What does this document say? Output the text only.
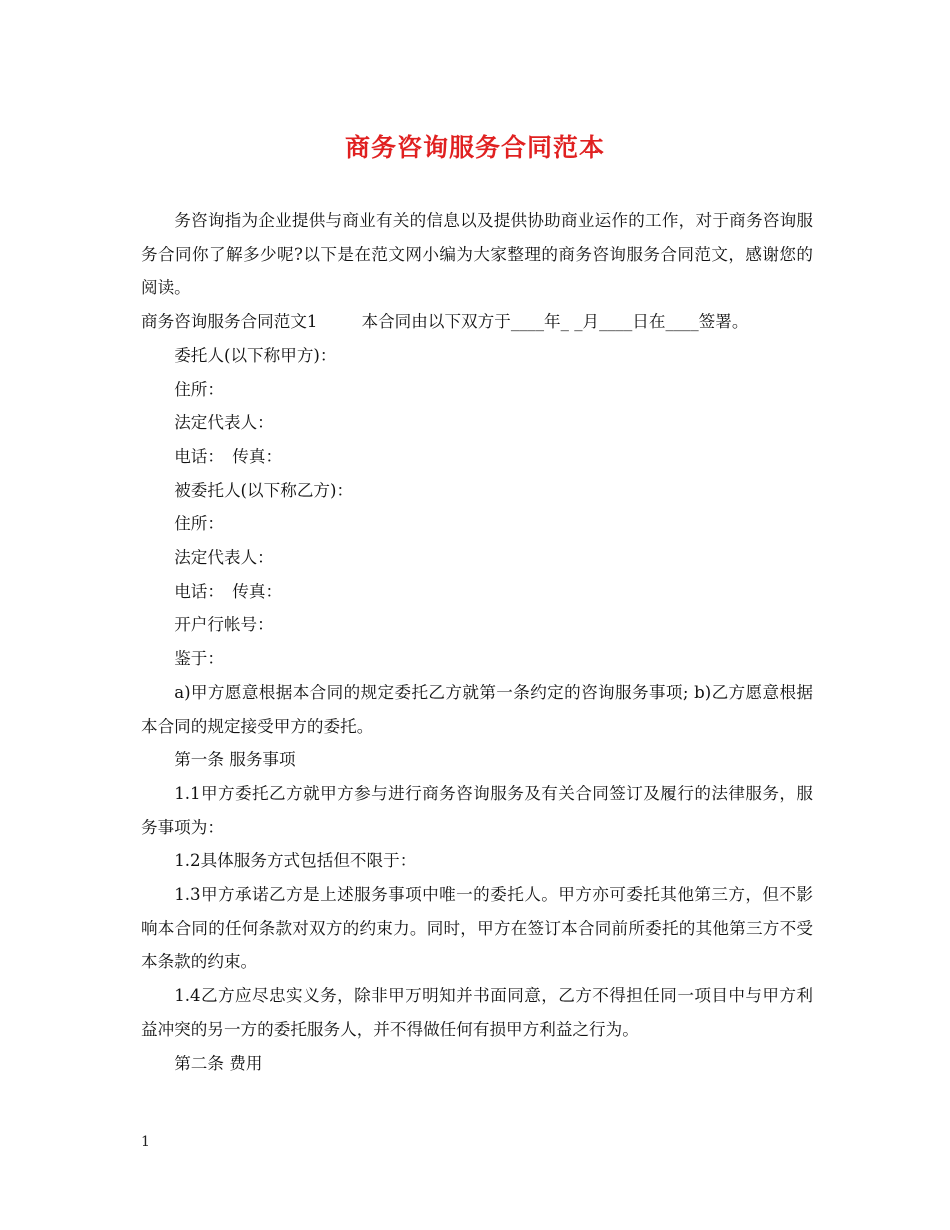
商务咨询服务合同范本

务咨询指为企业提供与商业有关的信息以及提供协助商业运作的工作，对于商务咨询服务合同你了解多少呢?以下是在范文网小编为大家整理的商务咨询服务合同范文，感谢您的阅读。

商务咨询服务合同范文1	本合同由以下双方于____年_ _月____日在____签署。

委托人(以下称甲方)：

住所：

法定代表人：

电话：　传真：

被委托人(以下称乙方)：

住所：

法定代表人：

电话：　传真：

开户行帐号：

鉴于：

a)甲方愿意根据本合同的规定委托乙方就第一条约定的咨询服务事项; b)乙方愿意根据本合同的规定接受甲方的委托。

第一条 服务事项

1.1甲方委托乙方就甲方参与进行商务咨询服务及有关合同签订及履行的法律服务，服务事项为：

1.2具体服务方式包括但不限于：

1.3甲方承诺乙方是上述服务事项中唯一的委托人。甲方亦可委托其他第三方，但不影响本合同的任何条款对双方的约束力。同时，甲方在签订本合同前所委托的其他第三方不受本条款的约束。

1.4乙方应尽忠实义务，除非甲万明知并书面同意，乙方不得担任同一项目中与甲方利益冲突的另一方的委托服务人，并不得做任何有损甲方利益之行为。

第二条 费用

1
